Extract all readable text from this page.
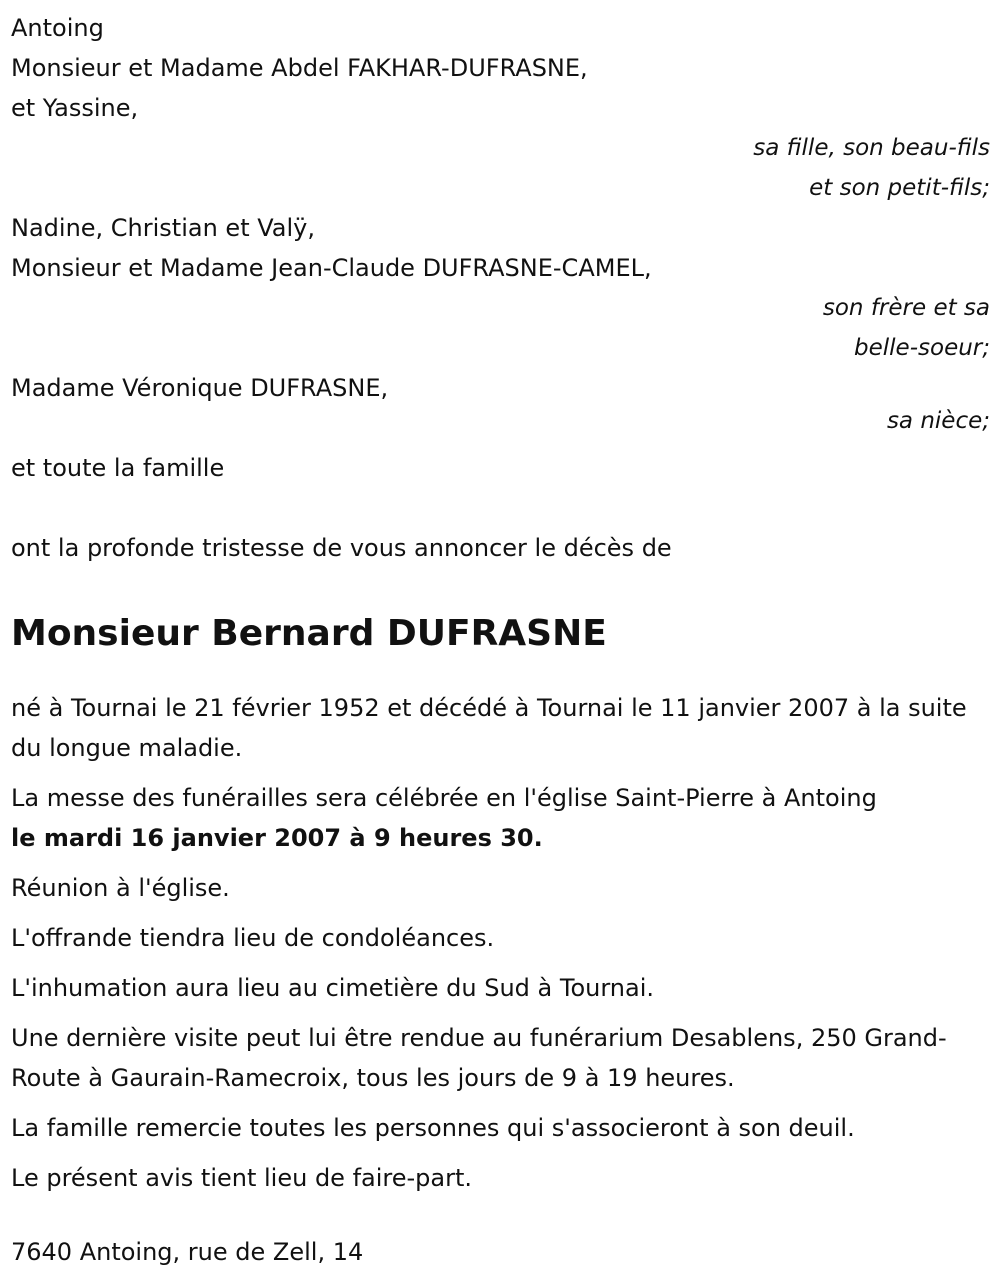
Antoing
Monsieur et Madame Abdel FAKHAR-DUFRASNE,
et Yassine,
sa fille, son beau-fils
et son petit-fils;
Nadine, Christian et Valÿ,
Monsieur et Madame Jean-Claude DUFRASNE-CAMEL,
son frère et sa
belle-soeur;
Madame Véronique DUFRASNE,
sa nièce;
et toute la famille
ont la profonde tristesse de vous annoncer le décès de
Monsieur Bernard DUFRASNE
né à Tournai le 21 février 1952 et décédé à Tournai le 11 janvier 2007 à la suite du longue maladie.
La messe des funérailles sera célébrée en l'église Saint-Pierre à Antoing
le mardi 16 janvier 2007 à 9 heures 30.
Réunion à l'église.
L'offrande tiendra lieu de condoléances.
L'inhumation aura lieu au cimetière du Sud à Tournai.
Une dernière visite peut lui être rendue au funérarium Desablens, 250 Grand-Route à Gaurain-Ramecroix, tous les jours de 9 à 19 heures.
La famille remercie toutes les personnes qui s'associeront à son deuil.
Le présent avis tient lieu de faire-part.
7640 Antoing, rue de Zell, 14
